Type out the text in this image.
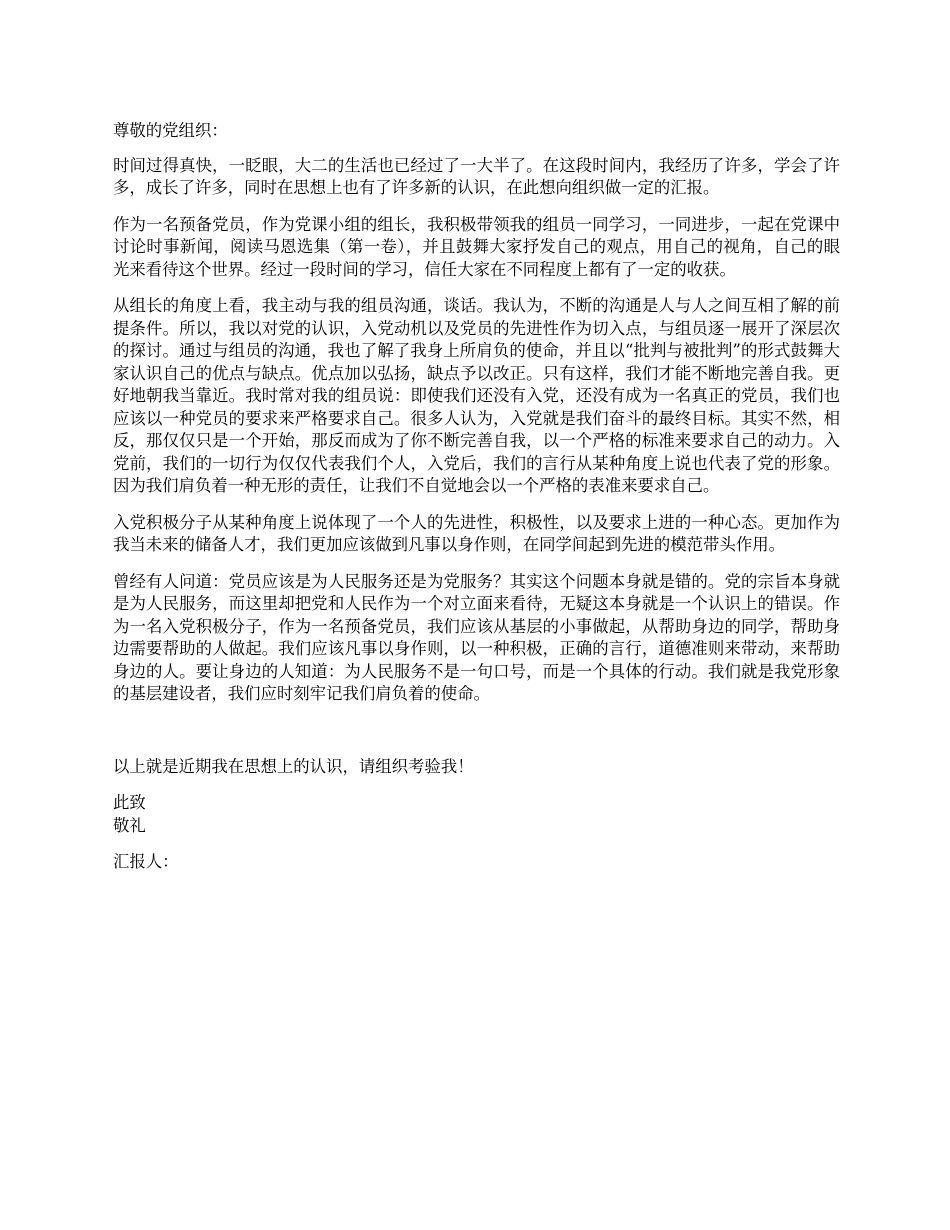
尊敬的党组织：

时间过得真快，一眨眼，大二的生活也已经过了一大半了。在这段时间内，我经历了许多，学会了许多，成长了许多，同时在思想上也有了许多新的认识，在此想向组织做一定的汇报。

作为一名预备党员，作为党课小组的组长，我积极带领我的组员一同学习，一同进步，一起在党课中讨论时事新闻，阅读马恩选集（第一卷），并且鼓舞大家抒发自己的观点，用自己的视角，自己的眼光来看待这个世界。经过一段时间的学习，信任大家在不同程度上都有了一定的收获。

从组长的角度上看，我主动与我的组员沟通，谈话。我认为，不断的沟通是人与人之间互相了解的前提条件。所以，我以对党的认识，入党动机以及党员的先进性作为切入点，与组员逐一展开了深层次的探讨。通过与组员的沟通，我也了解了我身上所肩负的使命，并且以“批判与被批判”的形式鼓舞大家认识自己的优点与缺点。优点加以弘扬，缺点予以改正。只有这样，我们才能不断地完善自我。更好地朝我当靠近。我时常对我的组员说：即使我们还没有入党，还没有成为一名真正的党员，我们也应该以一种党员的要求来严格要求自己。很多人认为，入党就是我们奋斗的最终目标。其实不然，相反，那仅仅只是一个开始，那反而成为了你不断完善自我，以一个严格的标准来要求自己的动力。入党前，我们的一切行为仅仅代表我们个人，入党后，我们的言行从某种角度上说也代表了党的形象。因为我们肩负着一种无形的责任，让我们不自觉地会以一个严格的表准来要求自己。

入党积极分子从某种角度上说体现了一个人的先进性，积极性，以及要求上进的一种心态。更加作为我当未来的储备人才，我们更加应该做到凡事以身作则，在同学间起到先进的模范带头作用。

曾经有人问道：党员应该是为人民服务还是为党服务？其实这个问题本身就是错的。党的宗旨本身就是为人民服务，而这里却把党和人民作为一个对立面来看待，无疑这本身就是一个认识上的错误。作为一名入党积极分子，作为一名预备党员，我们应该从基层的小事做起，从帮助身边的同学，帮助身边需要帮助的人做起。我们应该凡事以身作则，以一种积极，正确的言行，道德准则来带动，来帮助身边的人。要让身边的人知道：为人民服务不是一句口号，而是一个具体的行动。我们就是我党形象的基层建设者，我们应时刻牢记我们肩负着的使命。

以上就是近期我在思想上的认识，请组织考验我！

此致

敬礼

汇报人：
